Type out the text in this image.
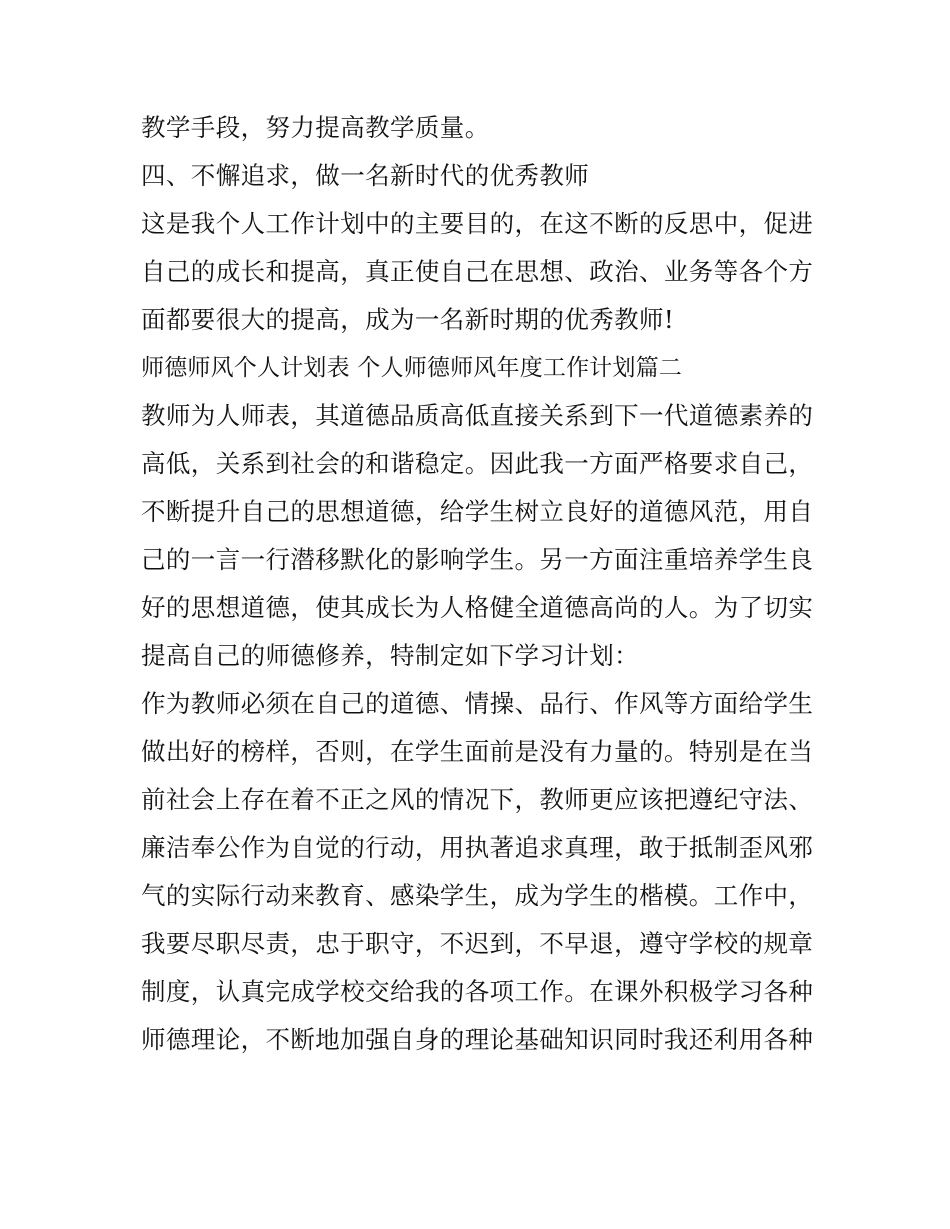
教学手段，努力提高教学质量。
四、不懈追求，做一名新时代的优秀教师
这是我个人工作计划中的主要目的，在这不断的反思中，促进
自己的成长和提高，真正使自己在思想、政治、业务等各个方
面都要很大的提高，成为一名新时期的优秀教师!
师德师风个人计划表 个人师德师风年度工作计划篇二
教师为人师表，其道德品质高低直接关系到下一代道德素养的
高低，关系到社会的和谐稳定。因此我一方面严格要求自己，
不断提升自己的思想道德，给学生树立良好的道德风范，用自
己的一言一行潜移默化的影响学生。另一方面注重培养学生良
好的思想道德，使其成长为人格健全道德高尚的人。为了切实
提高自己的师德修养，特制定如下学习计划：
作为教师必须在自己的道德、情操、品行、作风等方面给学生
做出好的榜样，否则，在学生面前是没有力量的。特别是在当
前社会上存在着不正之风的情况下，教师更应该把遵纪守法、
廉洁奉公作为自觉的行动，用执著追求真理，敢于抵制歪风邪
气的实际行动来教育、感染学生，成为学生的楷模。工作中，
我要尽职尽责，忠于职守，不迟到，不早退，遵守学校的规章
制度，认真完成学校交给我的各项工作。在课外积极学习各种
师德理论，不断地加强自身的理论基础知识同时我还利用各种
